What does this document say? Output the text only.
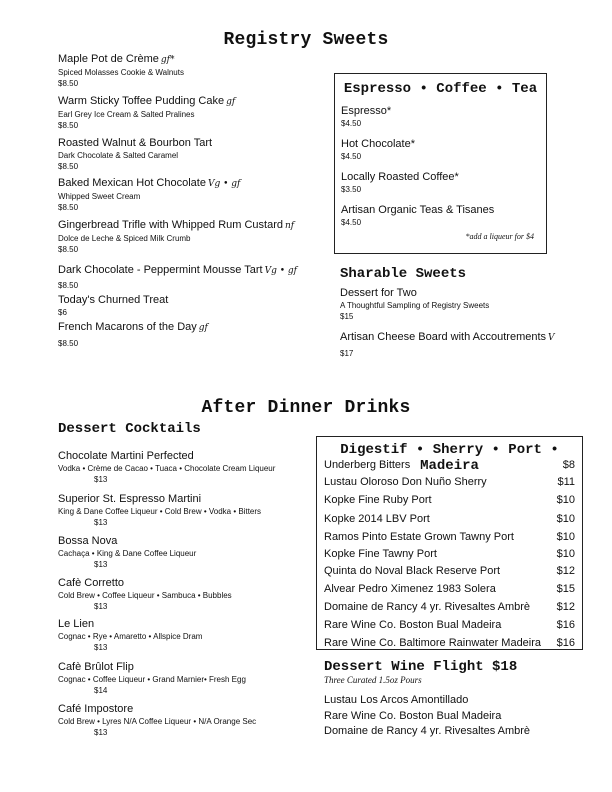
Registry Sweets
Maple Pot de Crème gf*
Spiced Molasses Cookie & Walnuts
$8.50
Warm Sticky Toffee Pudding Cake gf
Earl Grey Ice Cream & Salted Pralines
$8.50
Roasted Walnut & Bourbon Tart
Dark Chocolate & Salted Caramel
$8.50
Baked Mexican Hot Chocolate Vg • gf
Whipped Sweet Cream
$8.50
Gingerbread Trifle with Whipped Rum Custard nf
Dolce de Leche & Spiced Milk Crumb
$8.50
Dark Chocolate - Peppermint Mousse Tart Vg • gf
$8.50
Today's Churned Treat
$6
French Macarons of the Day gf
$8.50
Espresso • Coffee • Tea
Espresso*
$4.50
Hot Chocolate*
$4.50
Locally Roasted Coffee*
$3.50
Artisan Organic Teas & Tisanes
$4.50
*add a liqueur for $4
Sharable Sweets
Dessert for Two
A Thoughtful Sampling of Registry Sweets
$15
Artisan Cheese Board with Accoutrements V
$17
After Dinner Drinks
Dessert Cocktails
Chocolate Martini Perfected
Vodka • Crème de Cacao • Tuaca • Chocolate Cream Liqueur
$13
Superior St. Espresso Martini
King & Dane Coffee Liqueur • Cold Brew • Vodka • Bitters
$13
Bossa Nova
Cachaça • King & Dane Coffee Liqueur
$13
Cafè Corretto
Cold Brew • Coffee Liqueur • Sambuca • Bubbles
$13
Le Lien
Cognac • Rye • Amaretto • Allspice Dram
$13
Cafè Brûlot Flip
Cognac • Coffee Liqueur • Grand Marnier• Fresh Egg
$14
Café Impostore
Cold Brew • Lyres N/A Coffee Liqueur • N/A Orange Sec
$13
Digestif • Sherry • Port • Madeira
Underberg Bitters	$8
Lustau Oloroso Don Nuño Sherry	$11
Kopke Fine Ruby Port	$10
Kopke 2014 LBV Port	$10
Ramos Pinto Estate Grown Tawny Port	$10
Kopke Fine Tawny Port	$10
Quinta do Noval Black Reserve Port	$12
Alvear Pedro Ximenez 1983 Solera	$15
Domaine de Rancy 4 yr. Rivesaltes Ambrè $12
Rare Wine Co. Boston Bual Madeira	$16
Rare Wine Co. Baltimore Rainwater Madeira $16
Dessert Wine Flight $18
Three Curated 1.5oz Pours
Lustau Los Arcos Amontillado
Rare Wine Co. Boston Bual Madeira
Domaine de Rancy 4 yr. Rivesaltes Ambrè
